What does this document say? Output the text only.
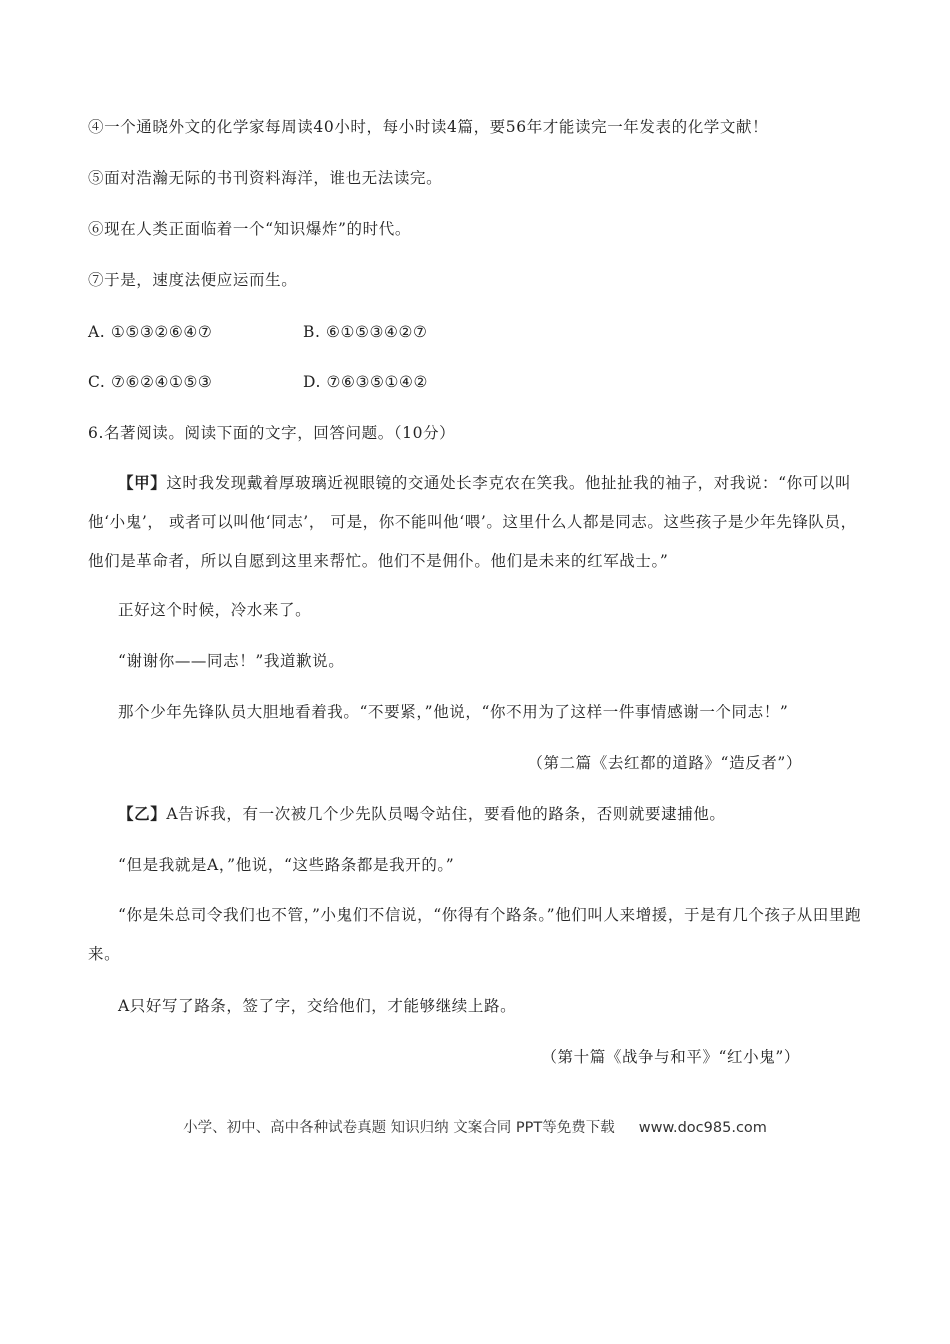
④一个通晓外文的化学家每周读40小时，每小时读4篇，要56年才能读完一年发表的化学文献！
⑤面对浩瀚无际的书刊资料海洋，谁也无法读完。
⑥现在人类正面临着一个“知识爆炸”的时代。
⑦于是，速度法便应运而生。
A. ①⑤③②⑥④⑦	B. ⑥①⑤③④②⑦
C. ⑦⑥②④①⑤③	D. ⑦⑥③⑤①④②
6.名著阅读。阅读下面的文字，回答问题。（10分）
【甲】这时我发现戴着厚玻璃近视眼镜的交通处长李克农在笑我。他扯扯我的袖子，对我说：“你可以叫他‘小鬼’， 或者可以叫他‘同志’， 可是，你不能叫他‘喂’。这里什么人都是同志。这些孩子是少年先锋队员，他们是革命者，所以自愿到这里来帮忙。他们不是佣仆。他们是未来的红军战士。”
正好这个时候，冷水来了。
“谢谢你——同志！”我道歉说。
那个少年先锋队员大胆地看着我。“不要紧，”他说，“你不用为了这样一件事情感谢一个同志！”
（第二篇《去红都的道路》“造反者”）
【乙】A告诉我，有一次被几个少先队员喝令站住，要看他的路条，否则就要逮捕他。
“但是我就是A，”他说，“这些路条都是我开的。”
“你是朱总司令我们也不管，”小鬼们不信说，“你得有个路条。”他们叫人来增援，于是有几个孩子从田里跑来。
A只好写了路条，签了字，交给他们，才能够继续上路。
（第十篇《战争与和平》“红小鬼”）
小学、初中、高中各种试卷真题 知识归纳 文案合同 PPT等免费下载 www.doc985.com
